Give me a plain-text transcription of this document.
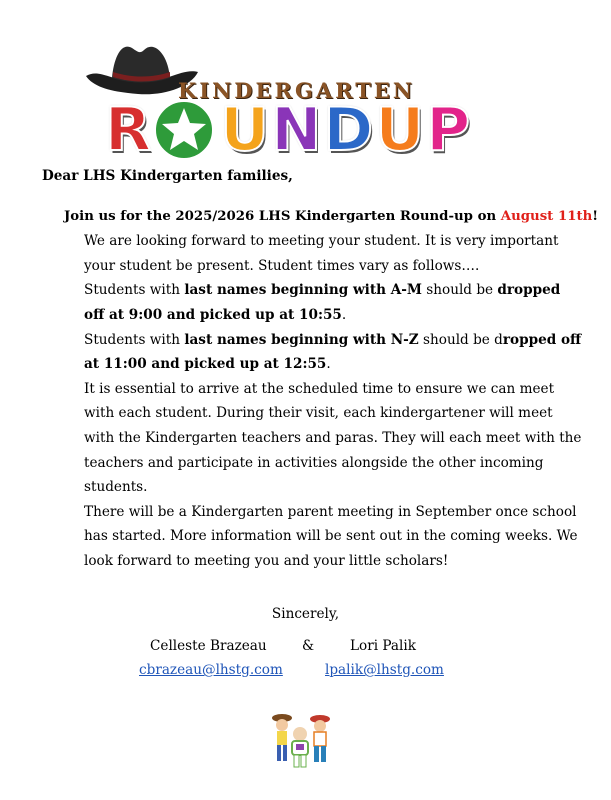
KINDERGARTEN
R U N D U P

Dear LHS Kindergarten families,

Join us for the 2025/2026 LHS Kindergarten Round-up on August 11th!

We are looking forward to meeting your student. It is very important your student be present. Student times vary as follows….

Students with last names beginning with A-M should be dropped off at 9:00 and picked up at 10:55.

Students with last names beginning with N-Z should be dropped off at 11:00 and picked up at 12:55.

It is essential to arrive at the scheduled time to ensure we can meet with each student. During their visit, each kindergartener will meet with the Kindergarten teachers and paras. They will each meet with the teachers and participate in activities alongside the other incoming students.

There will be a Kindergarten parent meeting in September once school has started. More information will be sent out in the coming weeks. We look forward to meeting you and your little scholars!

Sincerely,
Celleste Brazeau	&	Lori Palik
cbrazeau@lhstg.com	lpalik@lhstg.com
